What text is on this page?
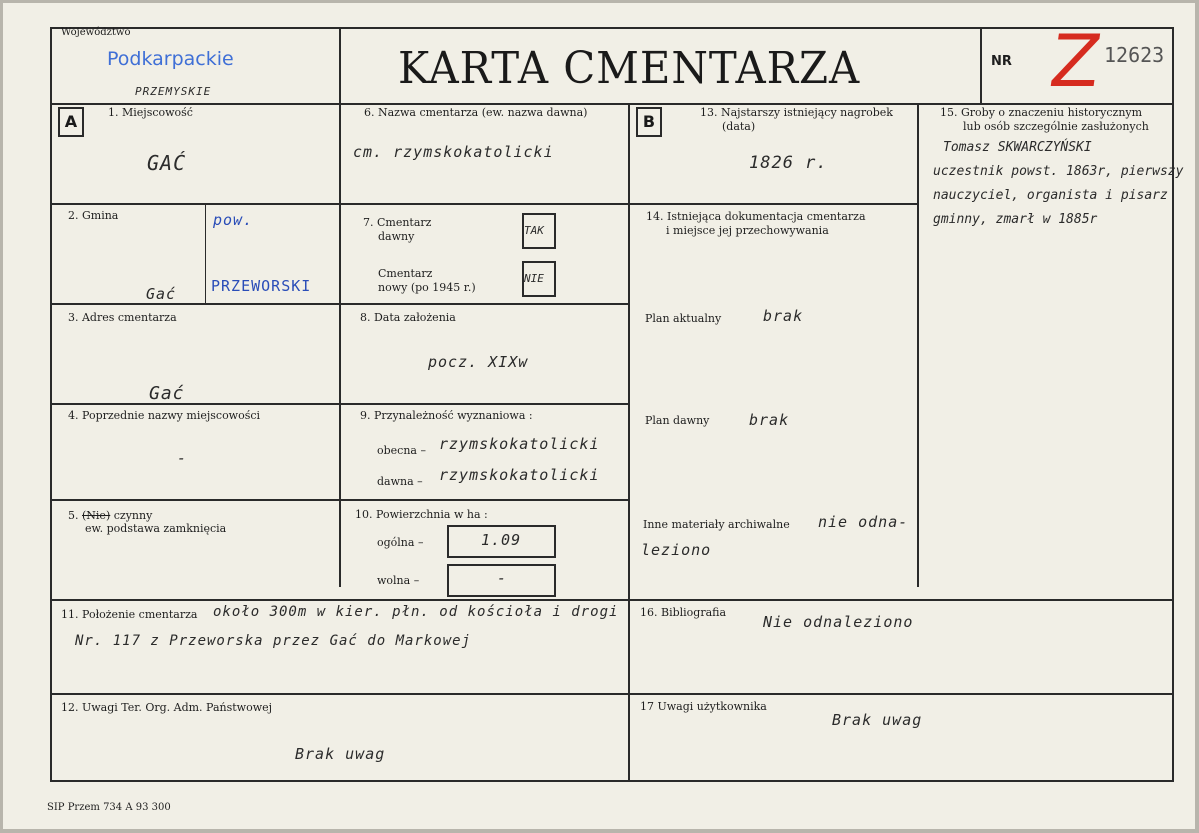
Województwo
Podkarpackie
PRZEMYSKIE	KARTA CMENTARZA	NR Z
12623
A	B
1. Miejscowość
GAĆ
2. Gmina
Gać
pow.
PRZEWORSKI
3. Adres cmentarza
Gać
4. Poprzednie nazwy miejscowości
-
5. (Nie) czynny
ew. podstawa zamknięcia
6. Nazwa cmentarza (ew. nazwa dawna)
cm. rzymskokatolicki
7. Cmentarz
dawny	TAK
Cmentarz
nowy (po 1945 r.)
NIE
8. Data założenia
pocz. XIXw
9. Przynależność wyznaniowa :
obecna – rzymskokatolicki
dawna – rzymskokatolicki
10. Powierzchnia w ha :
ogólna –	1.09
wolna –	-
11. Położenie cmentarza około 300m w kier. płn. od kościoła i drogi
Nr. 117 z Przeworska przez Gać do Markowej
12. Uwagi Ter. Org. Adm. Państwowej
Brak uwag
13. Najstarszy istniejący nagrobek
(data)
1826 r.
14. Istniejąca dokumentacja cmentarza
i miejsce jej przechowywania
Plan aktualny	brak
Plan dawny	brak
Inne materiały archiwalne nie odna-
leziono
15. Groby o znaczeniu historycznym
lub osób szczególnie zasłużonych
Tomasz SKWARCZYŃSKI
uczestnik powst. 1863r, pierwszy
nauczyciel, organista i pisarz
gminny, zmarł w 1885r
16. Bibliografia
Nie odnaleziono
17 Uwagi użytkownika
Brak uwag
SIP Przem 734 A 93 300
